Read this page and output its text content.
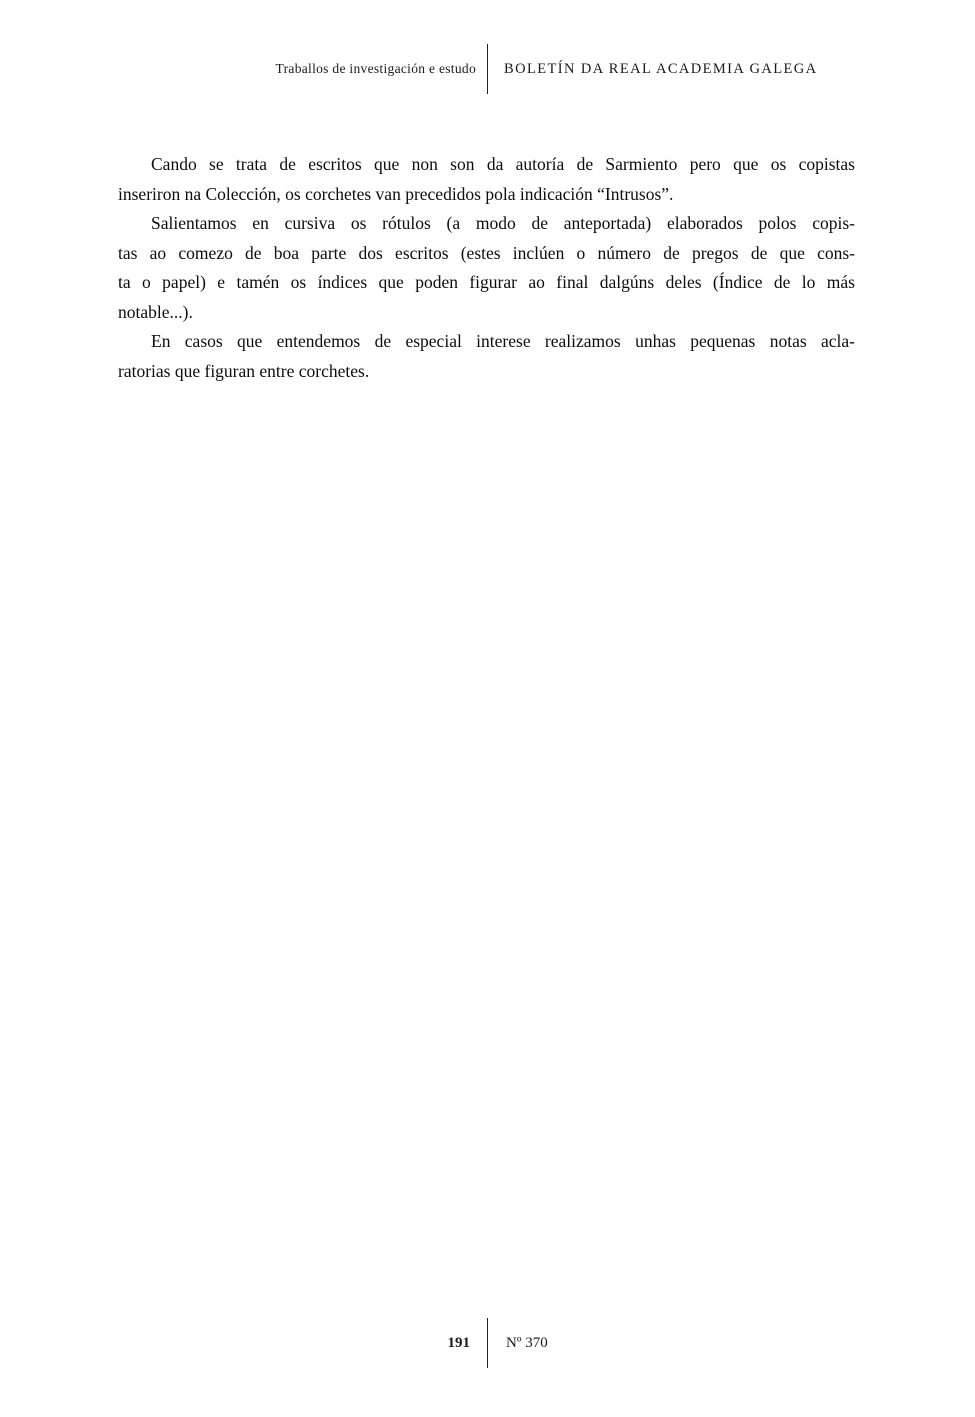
Traballos de investigación e estudo	BOLETÍN DA REAL ACADEMIA GALEGA
Cando se trata de escritos que non son da autoría de Sarmiento pero que os copistas
inseriron na Colección, os corchetes van precedidos pola indicación “Intrusos”.
Salientamos en cursiva os rótulos (a modo de anteportada) elaborados polos copis-
tas ao comezo de boa parte dos escritos (estes inclúen o número de pregos de que cons-
ta o papel) e tamén os índices que poden figurar ao final dalgúns deles (Índice de lo más
notable...).
En casos que entendemos de especial interese realizamos unhas pequenas notas acla-
ratorias que figuran entre corchetes.
191	Nº 370
